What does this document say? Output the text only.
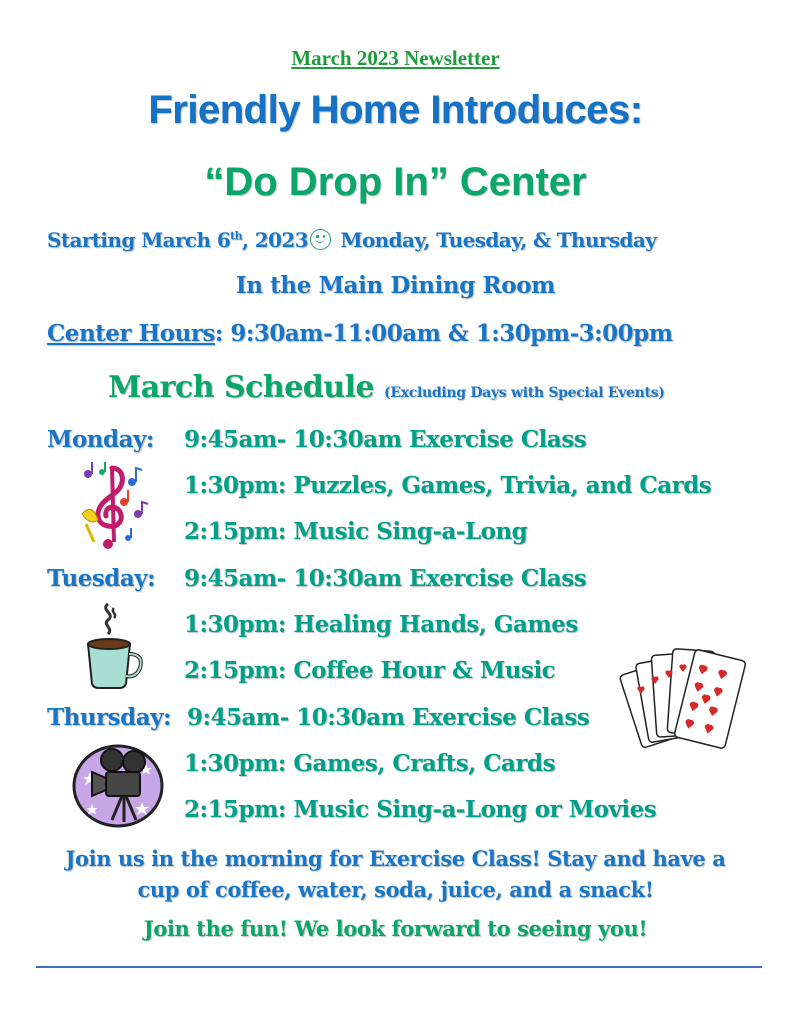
March 2023 Newsletter
Friendly Home Introduces:
“Do Drop In” Center
Starting March 6th, 2023 Monday, Tuesday, & Thursday
In the Main Dining Room
Center Hours: 9:30am-11:00am & 1:30pm-3:00pm
March Schedule (Excluding Days with Special Events)
Monday: 9:45am- 10:30am Exercise Class
1:30pm: Puzzles, Games, Trivia, and Cards
2:15pm: Music Sing-a-Long
Tuesday: 9:45am- 10:30am Exercise Class
1:30pm: Healing Hands, Games
2:15pm: Coffee Hour & Music
Thursday: 9:45am- 10:30am Exercise Class
1:30pm: Games, Crafts, Cards
2:15pm: Music Sing-a-Long or Movies
Join us in the morning for Exercise Class! Stay and have a cup of coffee, water, soda, juice, and a snack!
Join the fun! We look forward to seeing you!
